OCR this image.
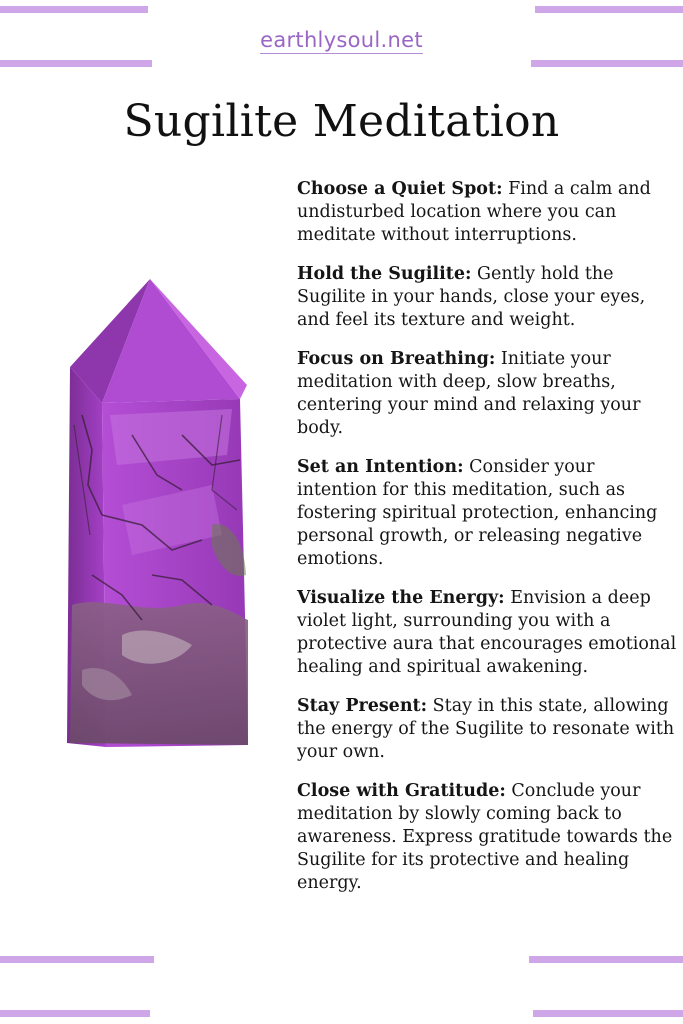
earthlysoul.net
Sugilite Meditation

Choose a Quiet Spot: Find a calm and undisturbed location where you can meditate without interruptions.

Hold the Sugilite: Gently hold the Sugilite in your hands, close your eyes, and feel its texture and weight.

Focus on Breathing: Initiate your meditation with deep, slow breaths, centering your mind and relaxing your body.

Set an Intention: Consider your intention for this meditation, such as fostering spiritual protection, enhancing personal growth, or releasing negative emotions.

Visualize the Energy: Envision a deep violet light, surrounding you with a protective aura that encourages emotional healing and spiritual awakening.

Stay Present: Stay in this state, allowing the energy of the Sugilite to resonate with your own.

Close with Gratitude: Conclude your meditation by slowly coming back to awareness. Express gratitude towards the Sugilite for its protective and healing energy.
